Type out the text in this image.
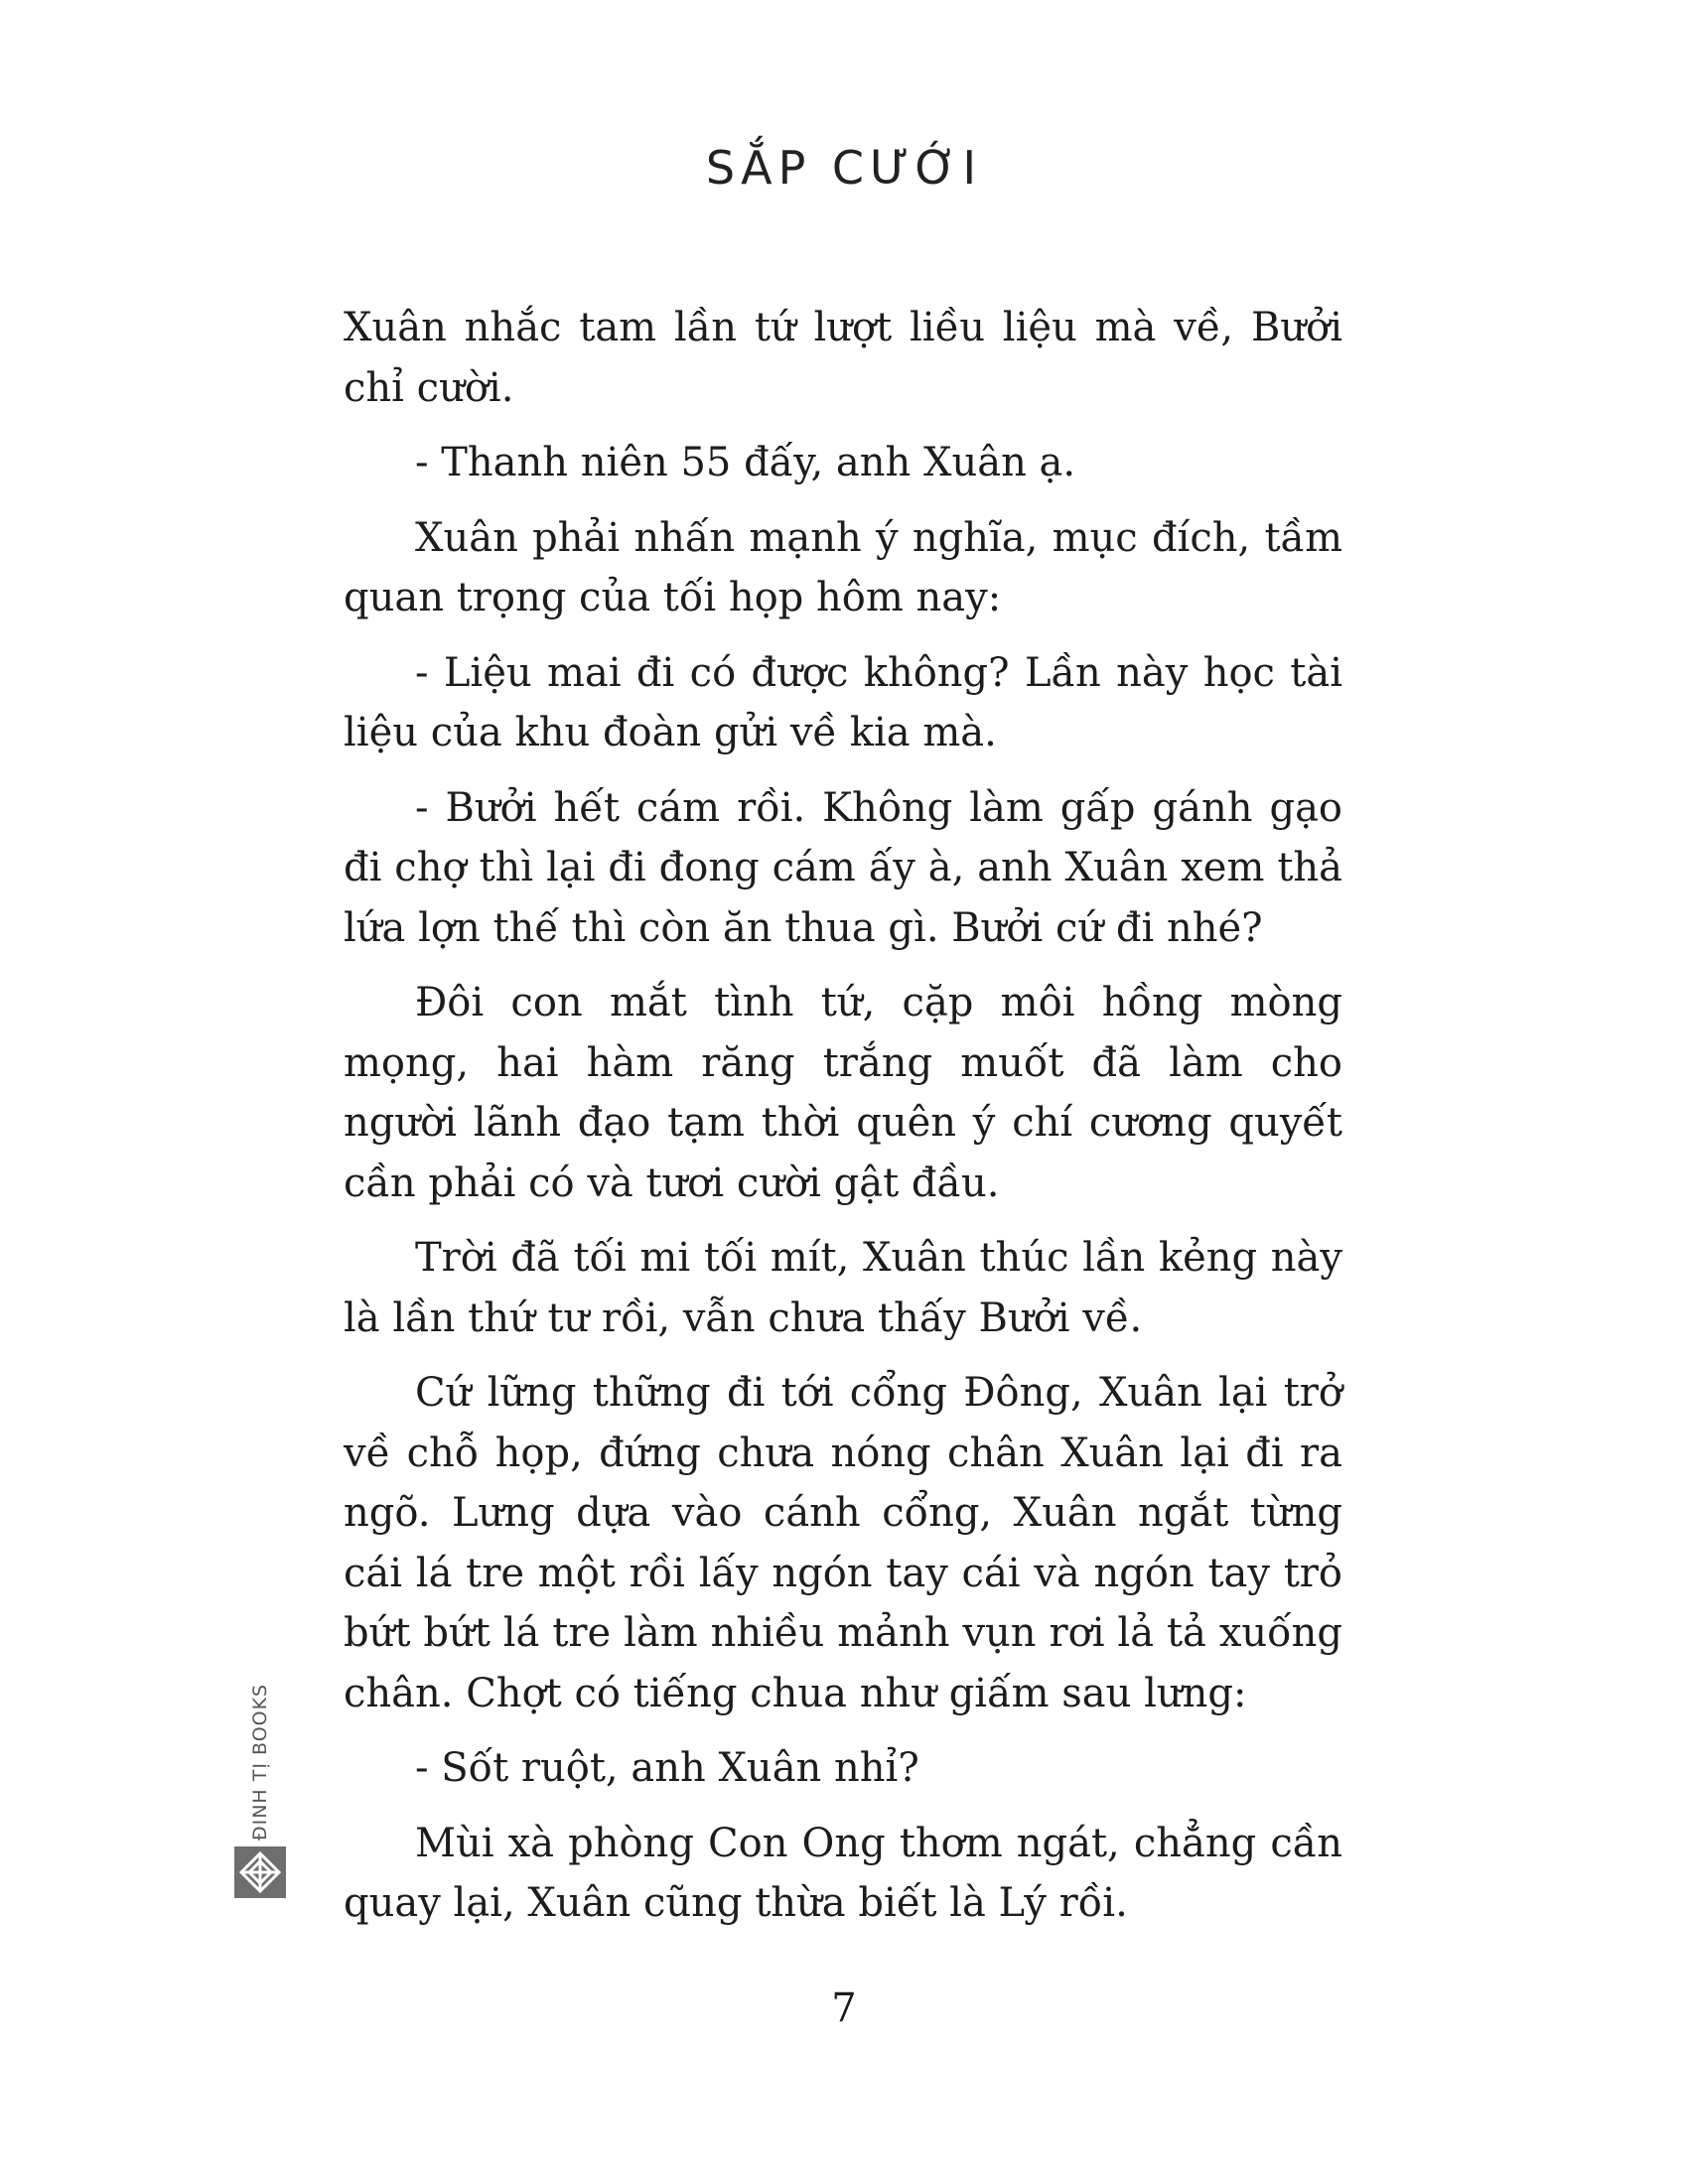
SẮP CƯỚI

Xuân nhắc tam lần tứ lượt liều liệu mà về, Bưởi chỉ cười.

- Thanh niên 55 đấy, anh Xuân ạ.

Xuân phải nhấn mạnh ý nghĩa, mục đích, tầm quan trọng của tối họp hôm nay:

- Liệu mai đi có được không? Lần này học tài liệu của khu đoàn gửi về kia mà.

- Bưởi hết cám rồi. Không làm gấp gánh gạo đi chợ thì lại đi đong cám ấy à, anh Xuân xem thả lứa lợn thế thì còn ăn thua gì. Bưởi cứ đi nhé?

Đôi con mắt tình tứ, cặp môi hồng mòng mọng, hai hàm răng trắng muốt đã làm cho người lãnh đạo tạm thời quên ý chí cương quyết cần phải có và tươi cười gật đầu.

Trời đã tối mi tối mít, Xuân thúc lần kẻng này là lần thứ tư rồi, vẫn chưa thấy Bưởi về.

Cứ lững thững đi tới cổng Đông, Xuân lại trở về chỗ họp, đứng chưa nóng chân Xuân lại đi ra ngõ. Lưng dựa vào cánh cổng, Xuân ngắt từng cái lá tre một rồi lấy ngón tay cái và ngón tay trỏ bứt bứt lá tre làm nhiều mảnh vụn rơi lả tả xuống chân. Chợt có tiếng chua như giấm sau lưng:

- Sốt ruột, anh Xuân nhỉ?

Mùi xà phòng Con Ong thơm ngát, chẳng cần quay lại, Xuân cũng thừa biết là Lý rồi.

ĐINH TỊ BOOKS
7
